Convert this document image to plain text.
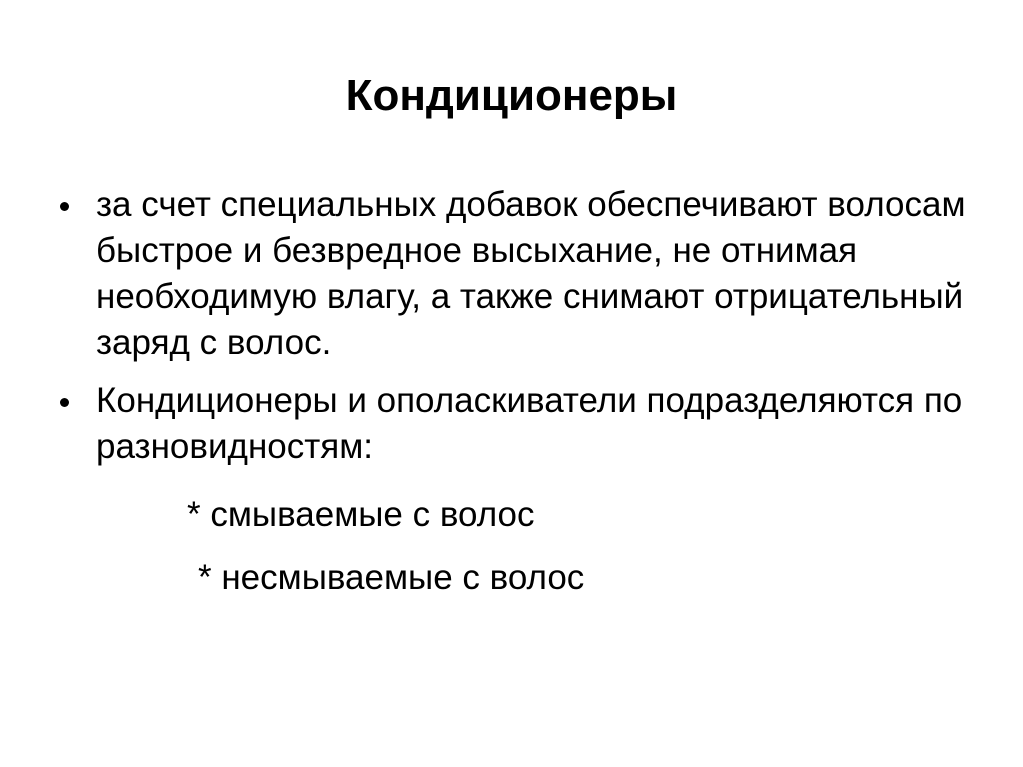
Кондиционеры
за счет специальных добавок обеспечивают волосам быстрое и безвредное высыхание, не отнимая необходимую влагу, а также снимают отрицательный заряд с волос.
Кондиционеры и ополаскиватели подразделяются по разновидностям:
* смываемые с волос
* несмываемые с волос
